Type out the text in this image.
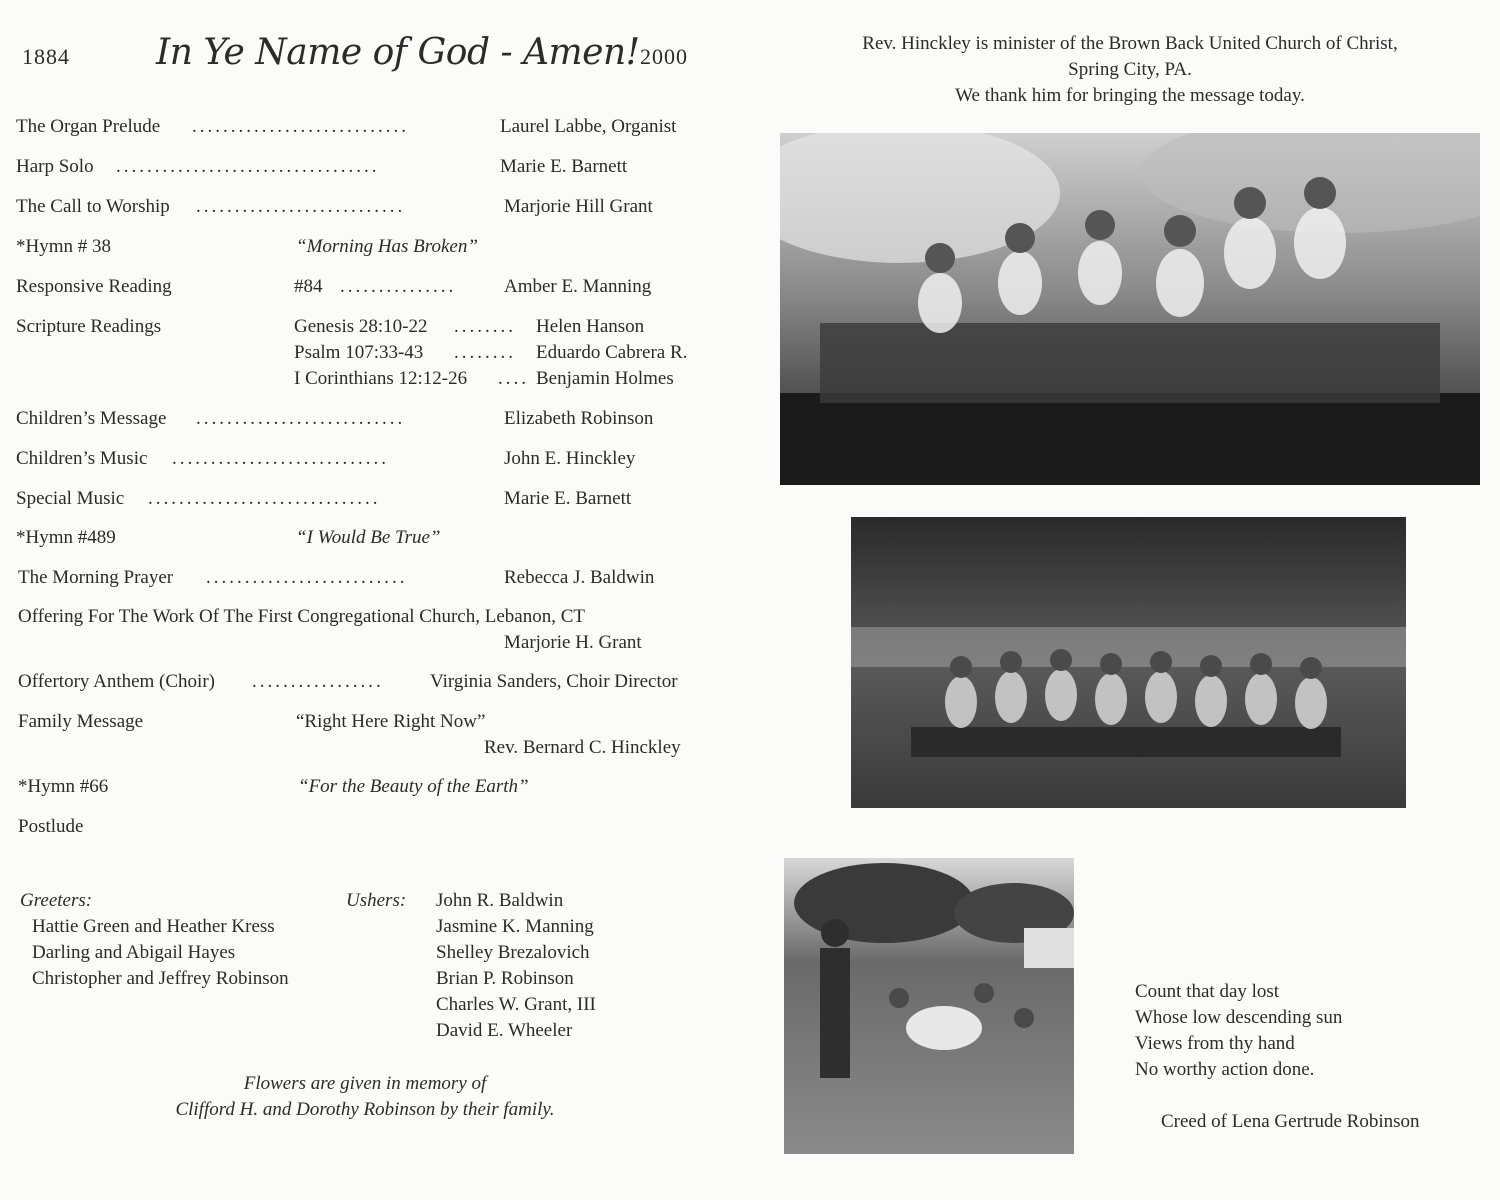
1884 In Ye Name of God - Amen! 2000
The Organ Prelude ............................	Laurel Labbe, Organist
Harp Solo ..................................	Marie E. Barnett
The Call to Worship ...........................	Marjorie Hill Grant
*Hymn # 38	“Morning Has Broken”
Responsive Reading	#84 ...............	Amber E. Manning
Scripture Readings	Genesis 28:10-22 ........ Helen Hanson
Psalm 107:33-43 ........ Eduardo Cabrera R.
I Corinthians 12:12-26 .... Benjamin Holmes
Children’s Message ...........................	Elizabeth Robinson
Children’s Music ............................	John E. Hinckley
Special Music ..............................	Marie E. Barnett
*Hymn #489	“I Would Be True”
The Morning Prayer ..........................	Rebecca J. Baldwin
Offering For The Work Of The First Congregational Church, Lebanon, CT
Marjorie H. Grant
Offertory Anthem (Choir) ................. Virginia Sanders, Choir Director
Family Message	“Right Here Right Now”
Rev. Bernard C. Hinckley
*Hymn #66	“For the Beauty of the Earth”
Postlude
Greeters:
Hattie Green and Heather Kress
Darling and Abigail Hayes
Christopher and Jeffrey Robinson
Ushers: John R. Baldwin
Jasmine K. Manning
Shelley Brezalovich
Brian P. Robinson
Charles W. Grant, III
David E. Wheeler
Flowers are given in memory of
Clifford H. and Dorothy Robinson by their family.
Rev. Hinckley is minister of the Brown Back United Church of Christ,
Spring City, PA.
We thank him for bringing the message today.
Count that day lost
Whose low descending sun
Views from thy hand
No worthy action done.
Creed of Lena Gertrude Robinson
